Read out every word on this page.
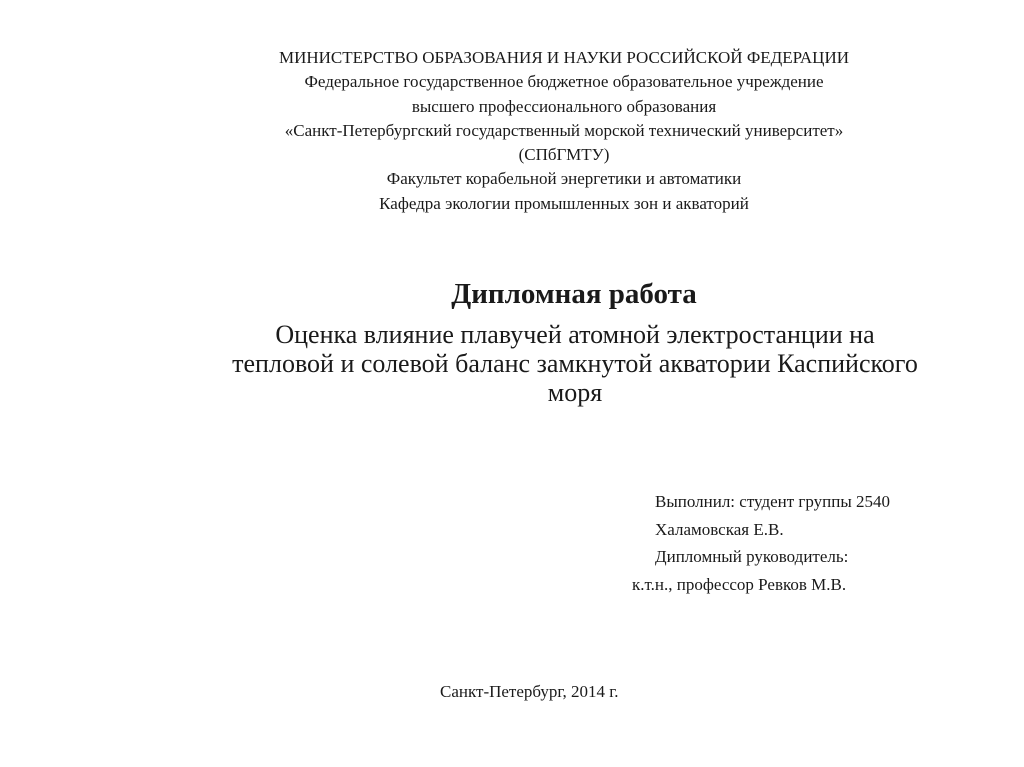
МИНИСТЕРСТВО ОБРАЗОВАНИЯ И НАУКИ РОССИЙСКОЙ ФЕДЕРАЦИИ
Федеральное государственное бюджетное образовательное учреждение
высшего профессионального образования
«Санкт-Петербургский государственный морской технический университет»
(СПбГМТУ)
Факультет корабельной энергетики и автоматики
Кафедра экологии промышленных зон и акваторий
Дипломная работа
Оценка влияние плавучей атомной электростанции на
тепловой и солевой баланс замкнутой акватории Каспийского
моря
Выполнил: студент группы 2540
Халамовская Е.В.
Дипломный руководитель:
к.т.н., профессор Ревков М.В.
Санкт-Петербург, 2014 г.
